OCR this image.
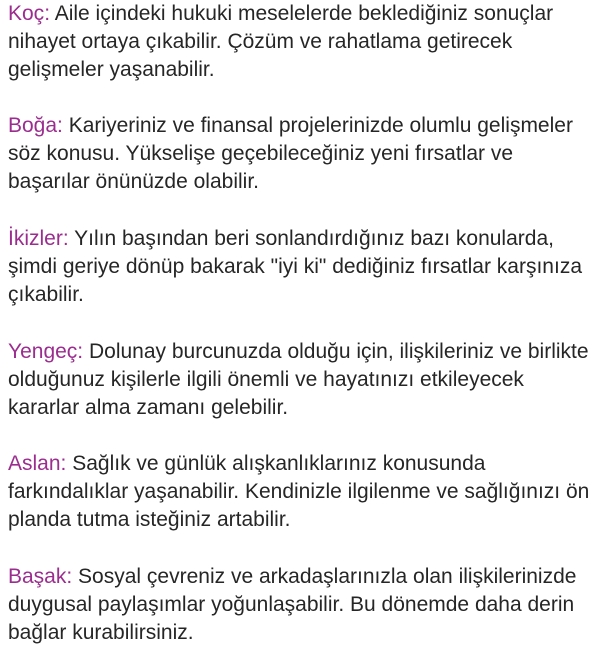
Koç: Aile içindeki hukuki meselelerde beklediğiniz sonuçlar nihayet ortaya çıkabilir. Çözüm ve rahatlama getirecek gelişmeler yaşanabilir.

Boğa: Kariyeriniz ve finansal projelerinizde olumlu gelişmeler söz konusu. Yükselişe geçebileceğiniz yeni fırsatlar ve başarılar önünüzde olabilir.

İkizler: Yılın başından beri sonlandırdığınız bazı konularda, şimdi geriye dönüp bakarak "iyi ki" dediğiniz fırsatlar karşınıza çıkabilir.

Yengeç: Dolunay burcunuzda olduğu için, ilişkileriniz ve birlikte olduğunuz kişilerle ilgili önemli ve hayatınızı etkileyecek kararlar alma zamanı gelebilir.

Aslan: Sağlık ve günlük alışkanlıklarınız konusunda farkındalıklar yaşanabilir. Kendinizle ilgilenme ve sağlığınızı ön planda tutma isteğiniz artabilir.

Başak: Sosyal çevreniz ve arkadaşlarınızla olan ilişkilerinizde duygusal paylaşımlar yoğunlaşabilir. Bu dönemde daha derin bağlar kurabilirsiniz.
